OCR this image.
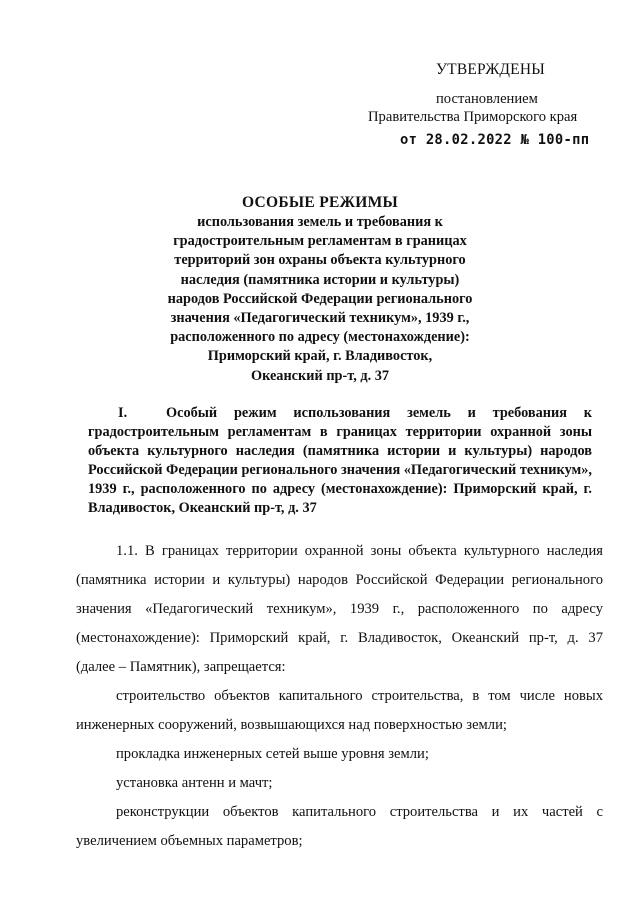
УТВЕРЖДЕНЫ
постановлением
Правительства Приморского края
от 28.02.2022 № 100-пп
ОСОБЫЕ РЕЖИМЫ
использования земель и требования к
градостроительным регламентам в границах
территорий зон охраны объекта культурного
наследия (памятника истории и культуры)
народов Российской Федерации регионального
значения «Педагогический техникум», 1939 г.,
расположенного по адресу (местонахождение):
Приморский край, г. Владивосток,
Океанский пр-т, д. 37
I.	Особый режим использования земель и требования к градостроительным регламентам в границах территории охранной зоны объекта культурного наследия (памятника истории и культуры) народов Российской Федерации регионального значения «Педагогический техникум», 1939 г., расположенного по адресу (местонахождение): Приморский край, г. Владивосток, Океанский пр-т, д. 37
1.1. В границах территории охранной зоны объекта культурного наследия
(памятника истории и культуры) народов Российской Федерации регионального
значения «Педагогический техникум», 1939 г., расположенного по адресу
(местонахождение): Приморский край, г. Владивосток, Океанский пр-т, д. 37
(далее – Памятник), запрещается:
строительство объектов капитального строительства, в том числе новых
инженерных сооружений, возвышающихся над поверхностью земли;
прокладка инженерных сетей выше уровня земли;
установка антенн и мачт;
реконструкции объектов капитального строительства и их частей с
увеличением объемных параметров;
